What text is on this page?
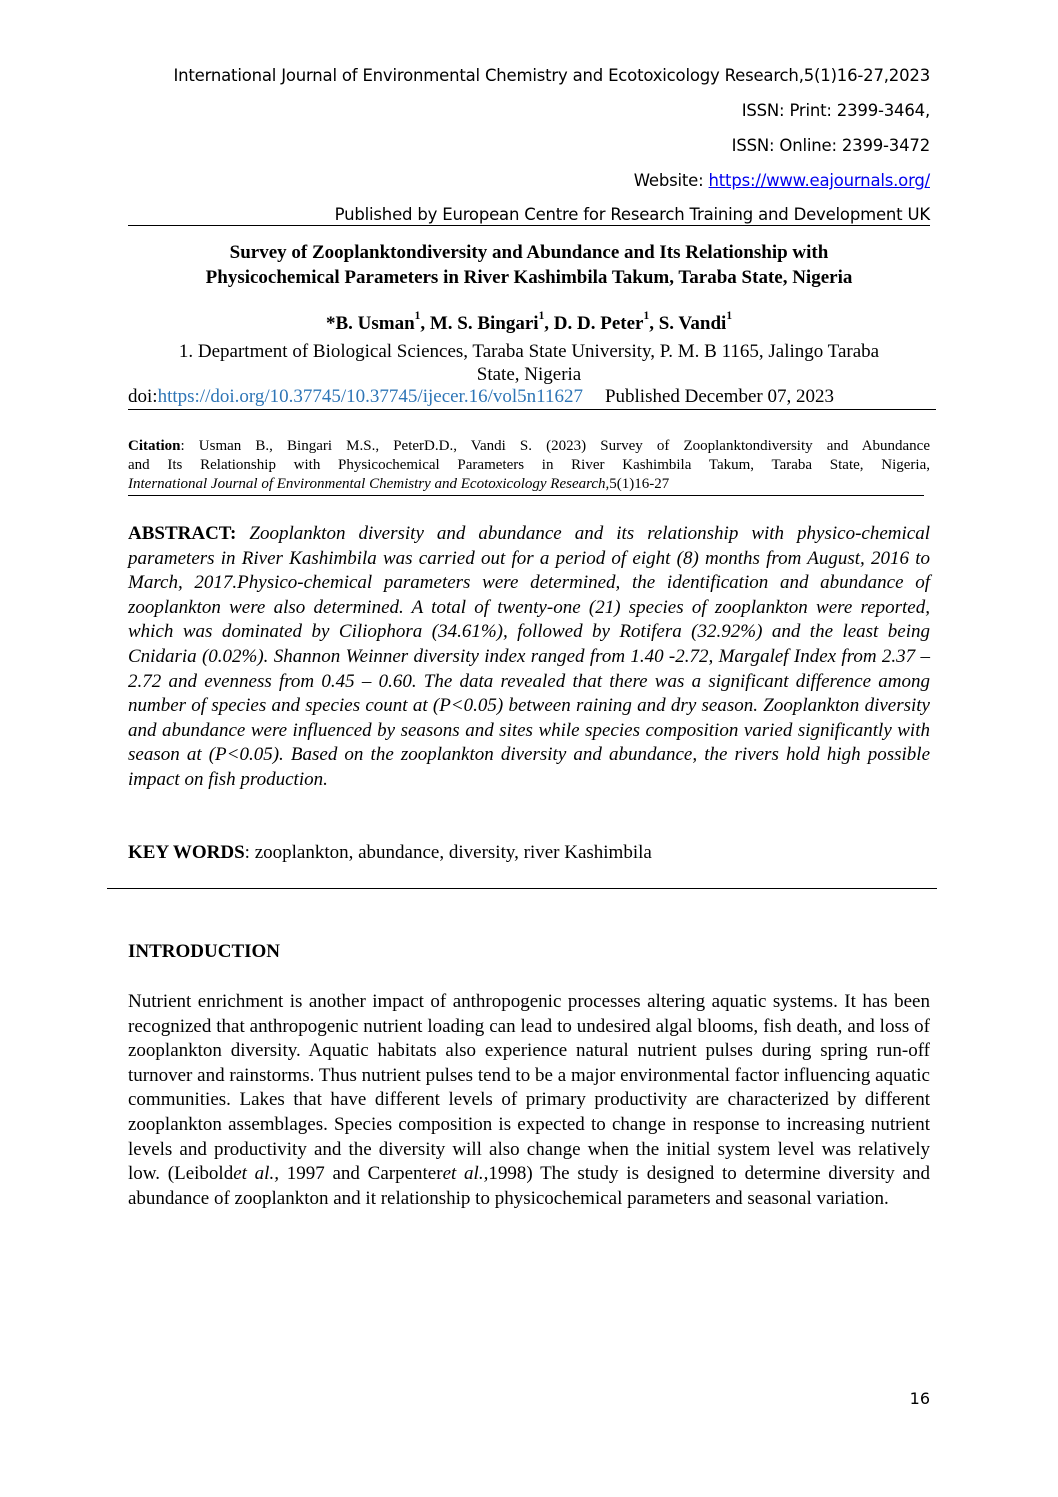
International Journal of Environmental Chemistry and Ecotoxicology Research,5(1)16-27,2023
ISSN: Print: 2399-3464,
ISSN: Online: 2399-3472
Website: https://www.eajournals.org/
Published by European Centre for Research Training and Development UK
Survey of Zooplanktondiversity and Abundance and Its Relationship with
Physicochemical Parameters in River Kashimbila Takum, Taraba State, Nigeria
*B. Usman$^1$, M. S. Bingari$^1$, D. D. Peter$^1$, S. Vandi$^1$
1. Department of Biological Sciences, Taraba State University, P. M. B 1165, Jalingo Taraba
State, Nigeria
doi:https://doi.org/10.37745/10.37745/ijecer.16/vol5n11627 Published December 07, 2023
Citation: Usman B., Bingari M.S., PeterD.D., Vandi S. (2023) Survey of Zooplanktondiversity and Abundance
and Its Relationship with Physicochemical Parameters in River Kashimbila Takum, Taraba State, Nigeria,
International Journal of Environmental Chemistry and Ecotoxicology Research,5(1)16-27
ABSTRACT: Zooplankton diversity and abundance and its relationship with physico-chemical parameters in River Kashimbila was carried out for a period of eight (8) months from August, 2016 to March, 2017.Physico-chemical parameters were determined, the identification and abundance of zooplankton were also determined. A total of twenty-one (21) species of zooplankton were reported, which was dominated by Ciliophora (34.61%), followed by Rotifera (32.92%) and the least being Cnidaria (0.02%). Shannon Weinner diversity index ranged from 1.40 -2.72, Margalef Index from 2.37 – 2.72 and evenness from 0.45 – 0.60. The data revealed that there was a significant difference among number of species and species count at (P<0.05) between raining and dry season. Zooplankton diversity and abundance were influenced by seasons and sites while species composition varied significantly with season at (P<0.05). Based on the zooplankton diversity and abundance, the rivers hold high possible impact on fish production.
KEY WORDS: zooplankton, abundance, diversity, river Kashimbila
INTRODUCTION
Nutrient enrichment is another impact of anthropogenic processes altering aquatic systems. It has been recognized that anthropogenic nutrient loading can lead to undesired algal blooms, fish death, and loss of zooplankton diversity. Aquatic habitats also experience natural nutrient pulses during spring run-off turnover and rainstorms. Thus nutrient pulses tend to be a major environmental factor influencing aquatic communities. Lakes that have different levels of primary productivity are characterized by different zooplankton assemblages. Species composition is expected to change in response to increasing nutrient levels and productivity and the diversity will also change when the initial system level was relatively low. (Leiboldet al., 1997 and Carpenteret al.,1998) The study is designed to determine diversity and abundance of zooplankton and it relationship to physicochemical parameters and seasonal variation.
16
